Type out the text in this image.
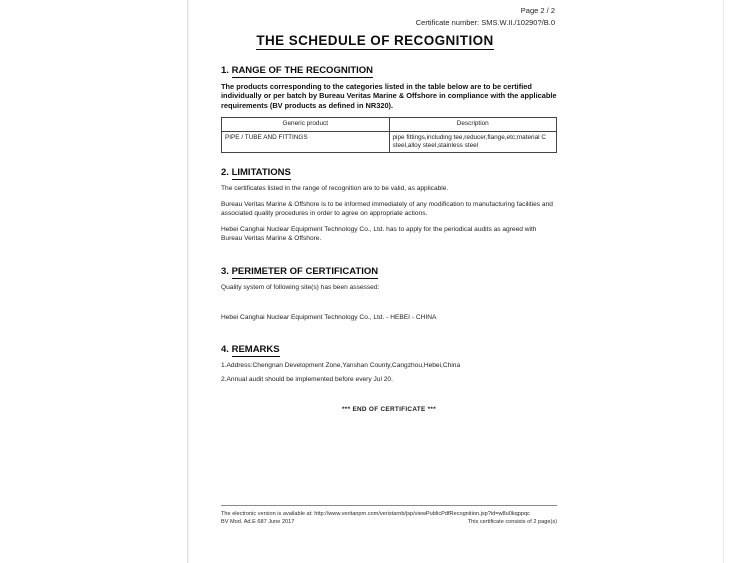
Page 2 / 2
Certificate number: SMS.W.II./10290?/B.0
THE SCHEDULE OF RECOGNITION
1. RANGE OF THE RECOGNITION

The products corresponding to the categories listed in the table below are to be certified individually or per batch by Bureau Veritas Marine & Offshore in compliance with the applicable requirements (BV products as defined in NR320).

Generic product	Description
PIPE / TUBE AND FITTINGS	pipe fittings,including tee,reducer,flange,etc;material C steel,alloy steel,stainless steel
2. LIMITATIONS

The certificates listed in the range of recognition are to be valid, as applicable.

Bureau Veritas Marine & Offshore is to be informed immediately of any modification to manufacturing facilities and associated quality procedures in order to agree on appropriate actions.

Hebei Canghai Nuclear Equipment Technology Co., Ltd. has to apply for the periodical audits as agreed with Bureau Veritas Marine & Offshore.

3. PERIMETER OF CERTIFICATION

Quality system of following site(s) has been assessed:

Hebei Canghai Nuclear Equipment Technology Co., Ltd. - HEBEI - CHINA

4. REMARKS

1.Address:Chengnan Development Zone,Yanshan County,Cangzhou,Hebei,China

2.Annual audit should be implemented before every Jul 20.

*** END OF CERTIFICATE ***
The electronic version is available at: http://www.veritanpm.com/veristarnb/jsp/viewPublicPdfRecognition.jsp?id=w8u0kqppqc
BV Mod. Ad.E 687 June 2017	This certificate consists of 2 page(s)
